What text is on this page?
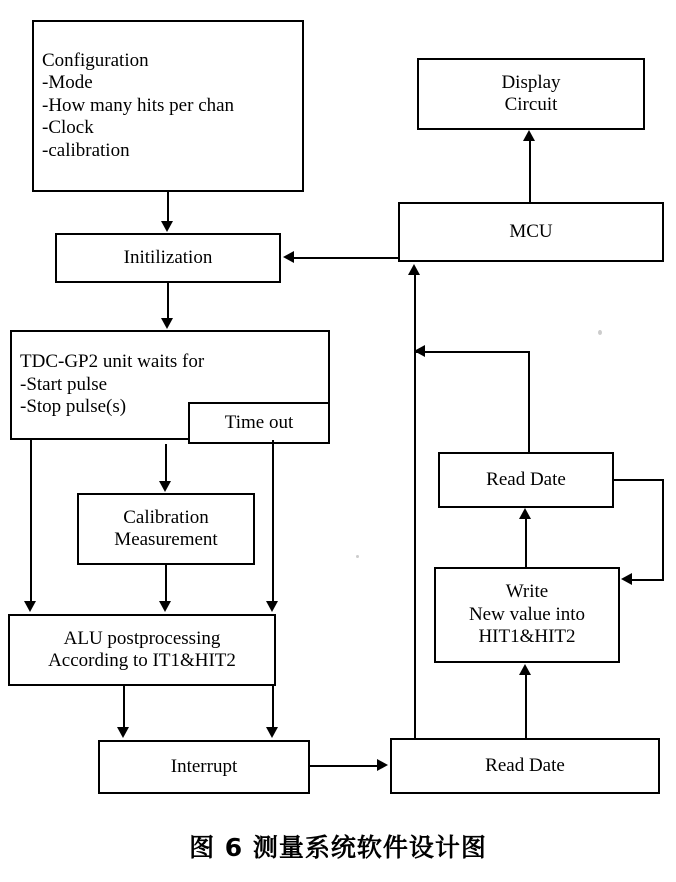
Configuration
-Mode
-How many hits per chan
-Clock
-calibration
Display
Circuit
MCU
Initilization
TDC-GP2 unit waits for
-Start pulse
-Stop pulse(s)
Time out
Calibration
Measurement
Read Date
Write
New value into
HIT1&HIT2
ALU postprocessing
According to IT1&HIT2
Interrupt	Read Date
图 6 测量系统软件设计图
